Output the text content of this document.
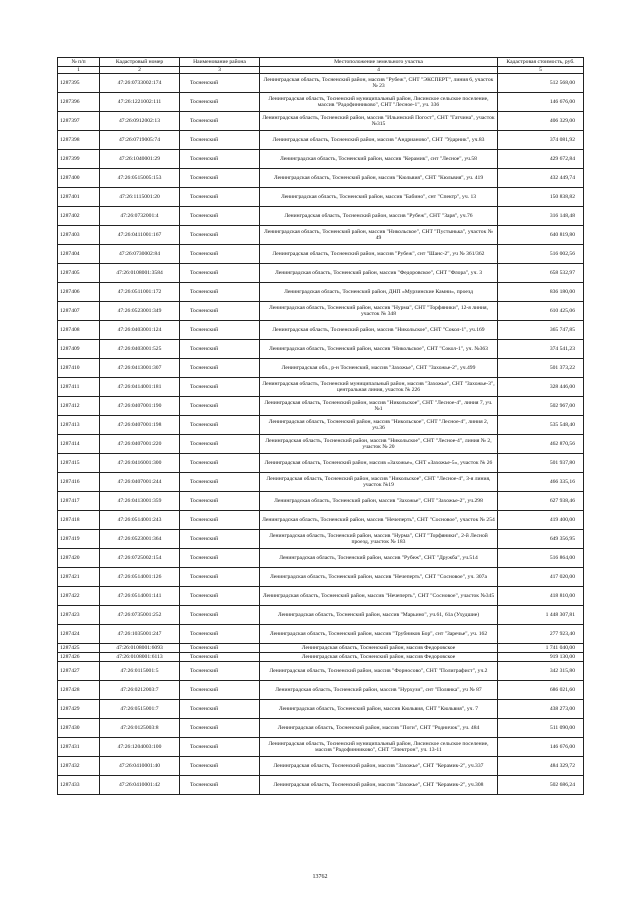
№ п/п	Кадастровый номер	Наименование района	Местоположение земельного участка	Кадастровая стоимость, руб.
1	2	3	4	5
1287395	47:26:0733002:174	Тосненский	Ленинградская область, Тосненский район, массив "Рубеж", СНТ "ЭКСПЕРТ", линия 6, участок № 23	512 568,00
1287396	47:26:1221002:111	Тосненский	Ленинградская область, Тосненский муниципальный район, Лисинское сельское поселение, массив "Радофинниково", СНТ "Лесное-1", уч. 336	146 676,00
1287397	47:26:0912002:13	Тосненский	Ленинградская область, Тосненский район, массив "Ильинский Погост", СНТ "Гатчина", участок №315	406 329,00
1287398	47:26:0719005:74	Тосненский	Ленинградская область, Тосненский район, массив "Андрианово", СНТ "Ударник", уч.83	374 081,92
1287399	47:26:1040001:29	Тосненский	Ленинградская область, Тосненский район, массив "Керамик", снт "Лесное", уч.58	429 672,84
1287400	47:26:0515005:153	Тосненский	Ленинградская область, Тосненский район, массив "Кюльвия", СНТ "Кюльвия", уч. 419	432 449,74
1287401	47:26:1115001:20	Тосненский	Ленинградская область, Тосненский район, массив "Бабино", снт "Спектр", уч. 13	150 838,82
1287402	47:26:0732001:4	Тосненский	Ленинградская область, Тосненский район, массив "Рубеж", СНТ "Заря", уч.76	316 148,48
1287403	47:26:0411001:167	Тосненский	Ленинградская область, Тосненский район, массив "Никольское", СНТ "Пустынька", участок № 49	640 819,80
1287404	47:26:0730002:84	Тосненский	Ленинградская область, Тосненский район, массив "Рубеж", снт "Шанс-2", уч № 361/362	516 002,56
1287405	47:26:0108001:3584	Тосненский	Ленинградская область, Тосненский район, массив "Федоровское", СНТ "Флора", уч. 3	658 532,97
1287406	47:26:0511001:172	Тосненский	Ленинградская область, Тосненский район, ДНП «Мурзинские Камни», проезд	836 180,00
1287407	47:26:0523001:349	Тосненский	Ленинградская область, Тосненский район, массив "Нурма", СНТ "Торфяники", 12-я линия, участок № 348	610 425,06
1287408	47:26:0403001:124	Тосненский	Ленинградская область, Тосненский район, массив "Никольское", СНТ "Сокол-1", уч.169	365 747,85
1287409	47:26:0403001:525	Тосненский	Ленинградская область, Тосненский район, массив "Никольское", СНТ "Сокол-1", уч. №363	374 541,23
1287410	47:26:0413001:307	Тосненский	Ленинградская обл., р-н Тосненский, массив "Захожье", СНТ "Захожье-2", уч.499	501 373,22
1287411	47:26:0414001:181	Тосненский	Ленинградская область, Тосненский муниципальный район, массив "Захожье", СНТ "Захожье-3", центральная линия, участок № 226	328 446,00
1287412	47:26:0407001:190	Тосненский	Ленинградская область, Тосненский район, массив "Никольское", СНТ "Лесное-4", линия 7, уч. №1	502 967,00
1287413	47:26:0407001:198	Тосненский	Ленинградская область, Тосненский район, массив "Никольское", СНТ "Лесное-4", линия 2, уч.36	535 548,40
1287414	47:26:0407001:220	Тосненский	Ленинградская область, Тосненский район, массив "Никольское", СНТ "Лесное-4", линия № 2, участок № 20	462 870,56
1287415	47:26:0416001:300	Тосненский	Ленинградская область, Тосненский район, массив «Захожье», СНТ «Захожье-5», участок № 26	501 937,80
1287416	47:26:0407001:244	Тосненский	Ленинградская область, Тосненский район, массив "Никольское", СНТ "Лесное-4", 3-я линия, участок №19	466 335,16
1287417	47:26:0413001:359	Тосненский	Ленинградская область, Тосненский район, массив "Захожье", СНТ "Захожье-2", уч.298	627 938,46
1287418	47:26:0514001:243	Тосненский	Ленинградская область, Тосненский район, массив "Нечеперть", СНТ "Сосновое", участок № 254	419 400,00
1287419	47:26:0523001:364	Тосненский	Ленинградская область, Тосненский район, массив "Нурма", СНТ "Торфяники", 2-й Лесной проезд, участок № 183	649 356,95
1287420	47:26:0725002:154	Тосненский	Ленинградская область, Тосненский район, массив "Рубеж", СНТ "Дружба", уч.514	516 864,00
1287421	47:26:0514001:126	Тосненский	Ленинградская область, Тосненский район, массив "Нечеперть", СНТ "Сосновое", уч. 307а	417 020,00
1287422	47:26:0514001:141	Тосненский	Ленинградская область, Тосненский район, массив "Нечеперть", СНТ "Сосновое", участок №345	418 810,00
1287423	47:26:0735001:252	Тосненский	Ленинградская область, Тосненский район, массив "Марьино", уч.61, 61а (Ухудшие)	1 448 307,81
1287424	47:26:1035001:247	Тосненский	Ленинградская область, Тосненский район, массив "Трубников Бор", снт "Заречье", уч. 162	277 923,40
1287425	47:26:0108001:6093	Тосненский	Ленинградская область, Тосненский район, массив Федоровское	1 741 040,00
1287426	47:26:0108001:6113	Тосненский	Ленинградская область, Тосненский район, массив Федоровское	919 130,00
1287427	47:26:0115001:5	Тосненский	Ленинградская область, Тосненский район, массив "Форносово", СНТ "Полиграфист", уч.2	342 315,80
1287428	47:26:0212003:7	Тосненский	Ленинградская область, Тосненский район, массив "Нурхузи", снт "Полянка", уч № 87	686 021,60
1287429	47:26:0515001:7	Тосненский	Ленинградская область, Тосненский район, массив Кюльвия, СНТ "Кюльвия", уч. 7	438 273,00
1287430	47:26:0125003:8	Тосненский	Ленинградская область, Тосненский район, массив "Поги", СНТ "Родничок", уч. 484	511 090,00
1287431	47:26:1204003:100	Тосненский	Ленинградская область, Тосненский муниципальный район, Лисинское сельское поселение, массив "Радофинниково", СНТ "Электрон", уч. 13-11	146 676,00
1287432	47:26:0410001:40	Тосненский	Ленинградская область, Тосненский район, массив "Захожье", СНТ "Керамик-2", уч.337	484 329,72
1287433	47:26:0410001:42	Тосненский	Ленинградская область, Тосненский район, массив "Захожье", СНТ "Керамик-2", уч.308	502 686,24
13762
